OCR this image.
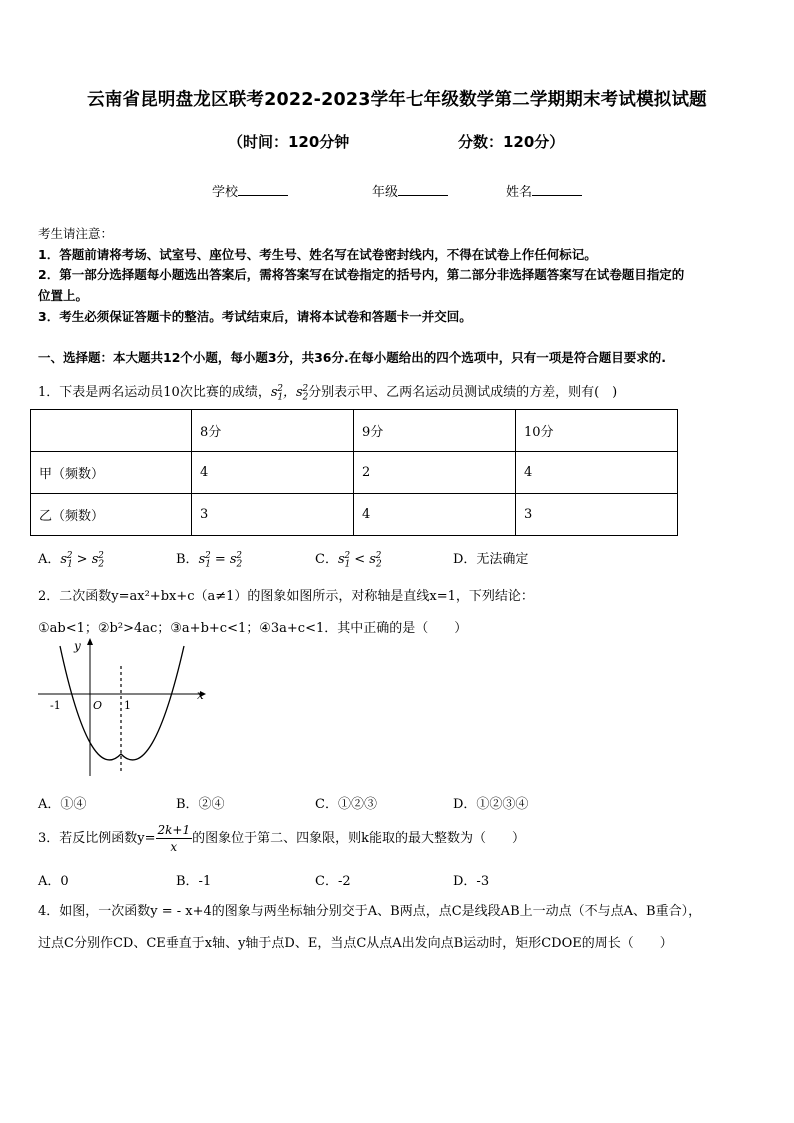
云南省昆明盘龙区联考2022-2023学年七年级数学第二学期期末考试模拟试题
（时间：120分钟	分数：120分）
学校	年级	姓名
考生请注意：
1．答题前请将考场、试室号、座位号、考生号、姓名写在试卷密封线内，不得在试卷上作任何标记。
2．第一部分选择题每小题选出答案后，需将答案写在试卷指定的括号内，第二部分非选择题答案写在试卷题目指定的
位置上。
3．考生必须保证答题卡的整洁。考试结束后，请将本试卷和答题卡一并交回。
一、选择题：本大题共12个小题，每小题3分，共36分.在每小题给出的四个选项中，只有一项是符合题目要求的.
1．下表是两名运动员10次比赛的成绩，$s_1^2$，$s_2^2$分别表示甲、乙两名运动员测试成绩的方差，则有(　)
	8分	9分	10分
甲（频数）	4	2	4
乙（频数）	3	4	3
A．$s_1^2 > s_2^2$	B．$s_1^2 = s_2^2$	C．$s_1^2 < s_2^2$	D．无法确定
2．二次函数y=ax²+bx+c（a≠1）的图象如图所示，对称轴是直线x=1，下列结论：
①ab<1；②b²>4ac；③a+b+c<1；④3a+c<1．其中正确的是（　　）
y
x
-1	O 1
A．①④	B．②④	C．①②③	D．①②③④
3．若反比例函数$y= \frac{2k+1}{x}$ 的图象位于第二、四象限，则k能取的最大整数为（　　）
A．0	B．-1	C．-2	D．-3
4．如图，一次函数y = - x+4的图象与两坐标轴分别交于A、B两点，点C是线段AB上一动点（不与点A、B重合），
过点C分别作CD、CE垂直于x轴、y轴于点D、E，当点C从点A出发向点B运动时，矩形CDOE的周长（　　）
